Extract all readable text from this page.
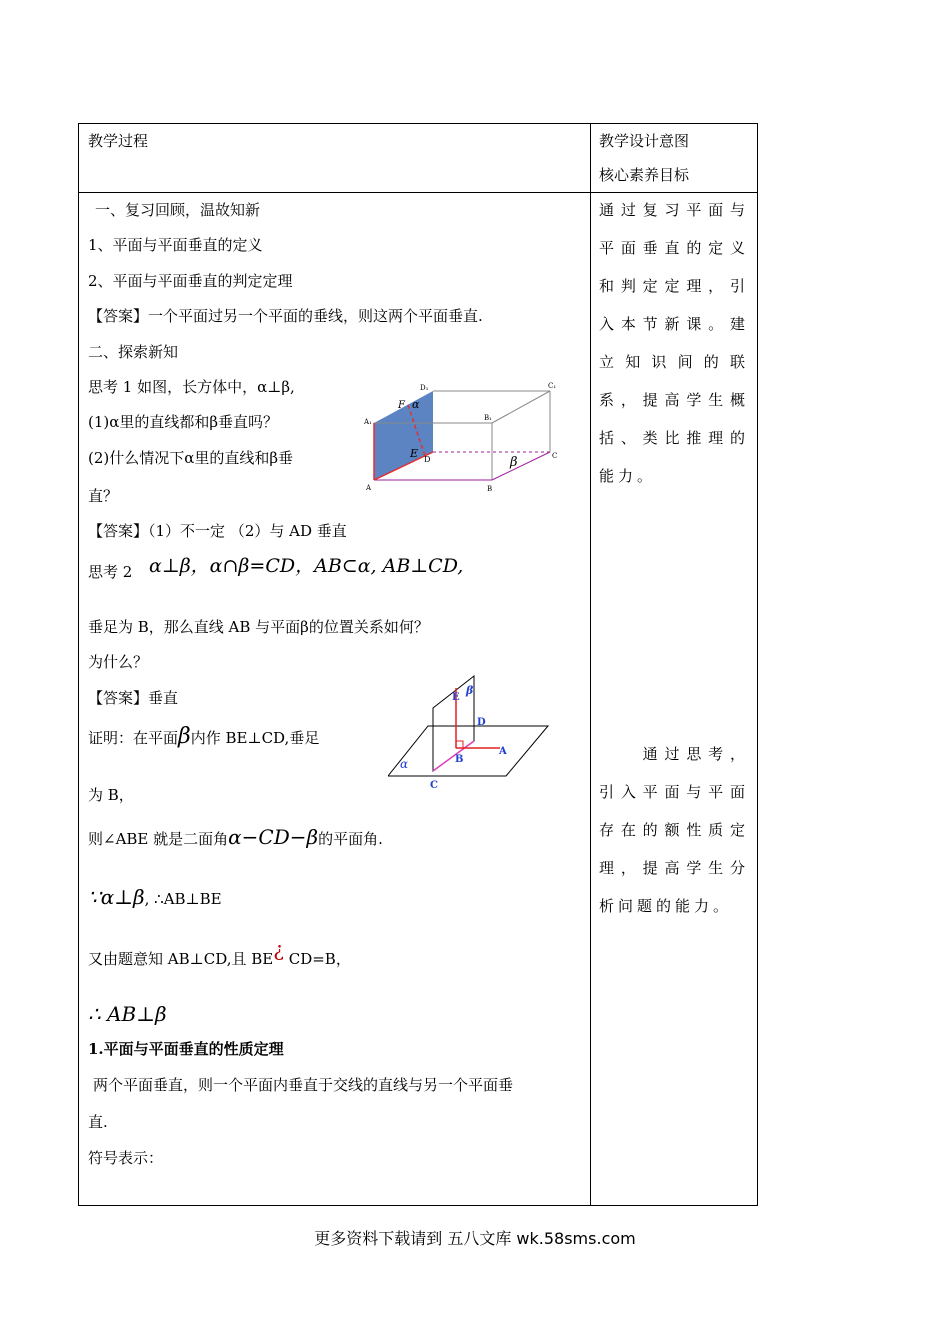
教学过程	教学设计意图
核心素养目标
一、复习回顾，温故知新
1、平面与平面垂直的定义
2、平面与平面垂直的判定定理
【答案】一个平面过另一个平面的垂线，则这两个平面垂直.
二、探索新知
思考 1 如图，长方体中，α⊥β,
(1)α里的直线都和β垂直吗？
(2)什么情况下α里的直线和β垂
直？
【答案】（1）不一定 （2）与 AD 垂直
思考 2 α⊥β，α∩β=CD，AB⊂α, AB⊥CD,
垂足为 B，那么直线 AB 与平面β的位置关系如何？
为什么？
【答案】垂直
证明：在平面β内作 BE⊥CD,垂足
为 B，
则∠ABE 就是二面角α−CD−β的平面角.
∵α⊥β, ∴AB⊥BE
又由题意知 AB⊥CD,且 BE¿ CD=B，
∴ AB⊥β
1.平面与平面垂直的性质定理
两个平面垂直，则一个平面内垂直于交线的直线与另一个平面垂
直.
符号表示：
通过复习平面与平面垂直的定义和判定定理，引入本节新课。建立知识间的联系，提高学生概括、类比推理的能力。
　　通过思考，引入平面与平面存在的额性质定理，提高学生分析问题的能力。
D₁	C₁
A₁	B₁
F α
E D	β	C
A	B
E
β
D
A
B
α
C
更多资料下载请到 五八文库 wk.58sms.com
